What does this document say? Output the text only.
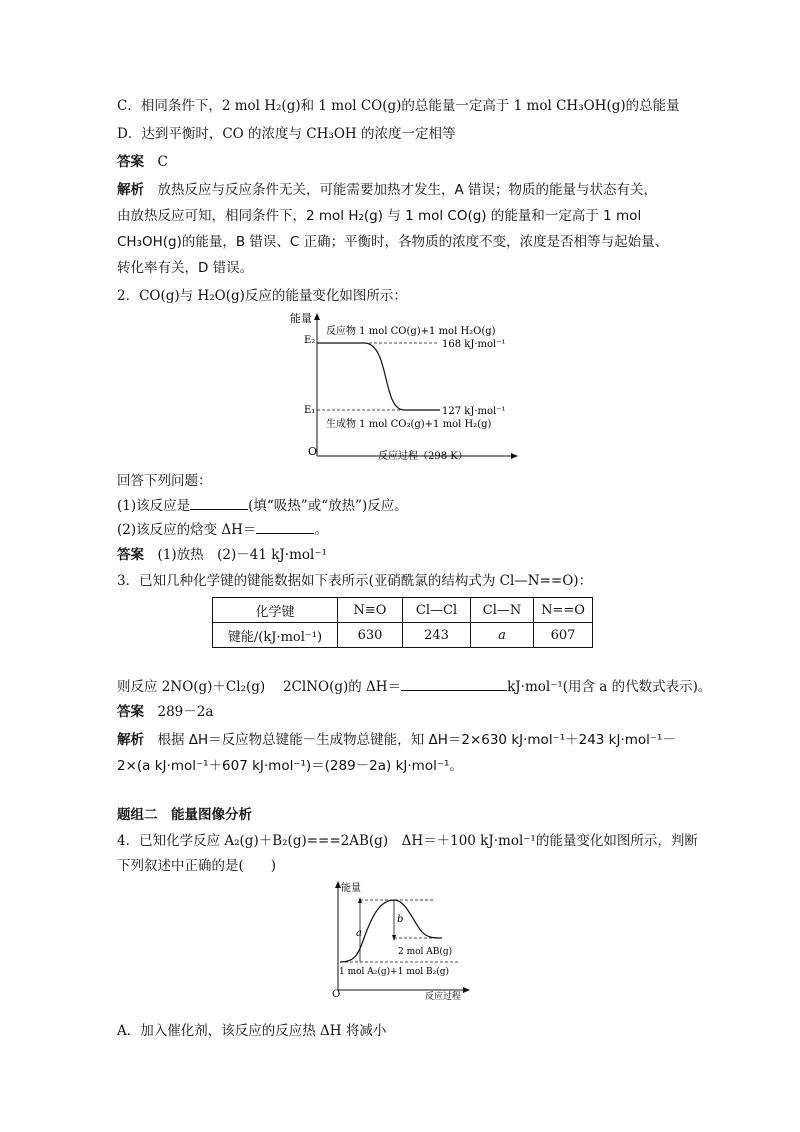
C．相同条件下，2 mol H₂(g)和 1 mol CO(g)的总能量一定高于 1 mol CH₃OH(g)的总能量
D．达到平衡时，CO 的浓度与 CH₃OH 的浓度一定相等
答案　 C
解析　 放热反应与反应条件无关，可能需要加热才发生，A 错误；物质的能量与状态有关，
由放热反应可知，相同条件下，2 mol H₂(g) 与 1 mol CO(g) 的能量和一定高于 1 mol
CH₃OH(g)的能量，B 错误、C 正确；平衡时，各物质的浓度不变，浓度是否相等与起始量、
转化率有关，D 错误。
2．CO(g)与 H₂O(g)反应的能量变化如图所示：
能量
E₂
E₁
O
反应物 1 mol CO(g)+1 mol H₂O(g)
生成物 1 mol CO₂(g)+1 mol H₂(g)
168 kJ·mol⁻¹
127 kJ·mol⁻¹
反应过程（298 K）
回答下列问题：
(1)该反应是	(填“吸热”或“放热”)反应。
(2)该反应的焓变 ΔH＝	。
答案　 (1)放热　(2)－41 kJ·mol⁻¹
3．已知几种化学键的键能数据如下表所示(亚硝酰氯的结构式为 Cl—N==O)：
化学键	N≡O	Cl—Cl	Cl—N	N==O
键能/(kJ·mol⁻¹)	630	243	a	607
则反应 2NO(g)＋Cl₂(g)　 2ClNO(g)的 ΔH＝	kJ·mol⁻¹(用含 a 的代数式表示)。
答案　 289－2a
解析　 根据 ΔH＝反应物总键能－生成物总键能，知 ΔH＝2×630 kJ·mol⁻¹＋243 kJ·mol⁻¹－
2×(a kJ·mol⁻¹＋607 kJ·mol⁻¹)＝(289－2a) kJ·mol⁻¹。
题组二　能量图像分析
4．已知化学反应 A₂(g)＋B₂(g)===2AB(g)　ΔH＝＋100 kJ·mol⁻¹的能量变化如图所示，判断
下列叙述中正确的是(　　)
能量
a
b
2 mol AB(g)
1 mol A₂(g)+1 mol B₂(g)
O	反应过程
A．加入催化剂，该反应的反应热 ΔH 将减小
